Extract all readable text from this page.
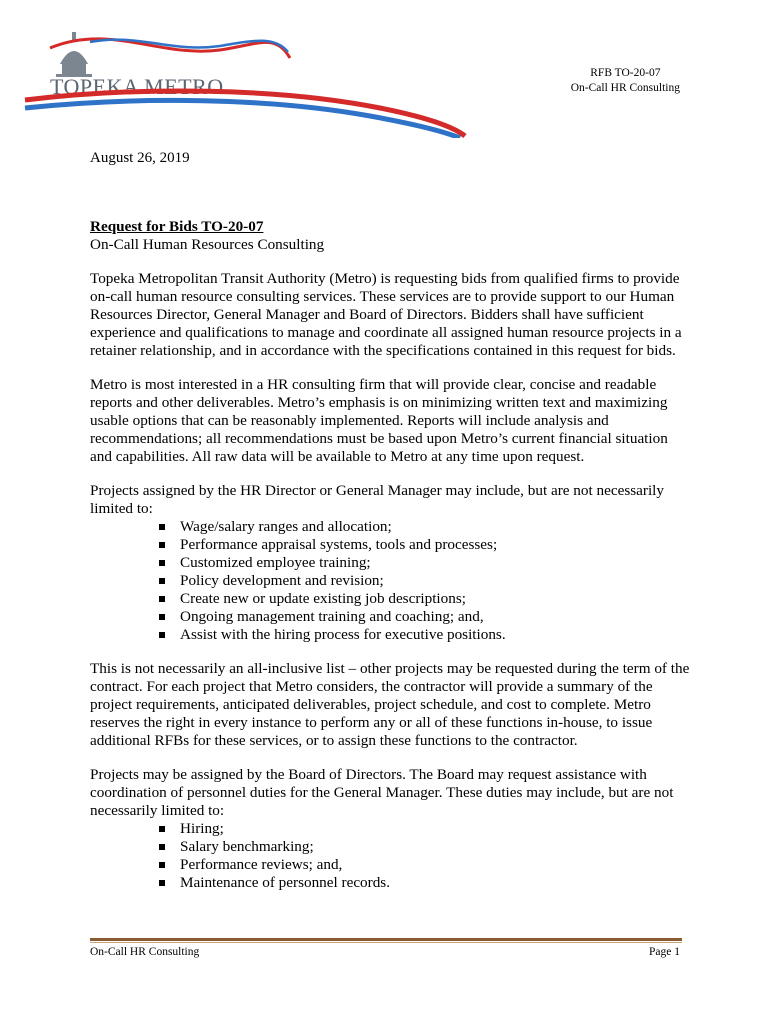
TOPEKA METRO
RFB TO-20-07
On-Call HR Consulting
August 26, 2019
Request for Bids TO-20-07

On-Call Human Resources Consulting

Topeka Metropolitan Transit Authority (Metro) is requesting bids from qualified firms to provide on-call human resource consulting services. These services are to provide support to our Human Resources Director, General Manager and Board of Directors. Bidders shall have sufficient experience and qualifications to manage and coordinate all assigned human resource projects in a retainer relationship, and in accordance with the specifications contained in this request for bids.

Metro is most interested in a HR consulting firm that will provide clear, concise and readable reports and other deliverables. Metro’s emphasis is on minimizing written text and maximizing usable options that can be reasonably implemented. Reports will include analysis and recommendations; all recommendations must be based upon Metro’s current financial situation and capabilities. All raw data will be available to Metro at any time upon request.

Projects assigned by the HR Director or General Manager may include, but are not necessarily limited to:
Wage/salary ranges and allocation;
Performance appraisal systems, tools and processes;
Customized employee training;
Policy development and revision;
Create new or update existing job descriptions;
Ongoing management training and coaching; and,
Assist with the hiring process for executive positions.

This is not necessarily an all-inclusive list – other projects may be requested during the term of the contract. For each project that Metro considers, the contractor will provide a summary of the project requirements, anticipated deliverables, project schedule, and cost to complete. Metro reserves the right in every instance to perform any or all of these functions in-house, to issue additional RFBs for these services, or to assign these functions to the contractor.

Projects may be assigned by the Board of Directors. The Board may request assistance with coordination of personnel duties for the General Manager. These duties may include, but are not necessarily limited to:
Hiring;
Salary benchmarking;
Performance reviews; and,
Maintenance of personnel records.
On-Call HR Consulting	Page 1
